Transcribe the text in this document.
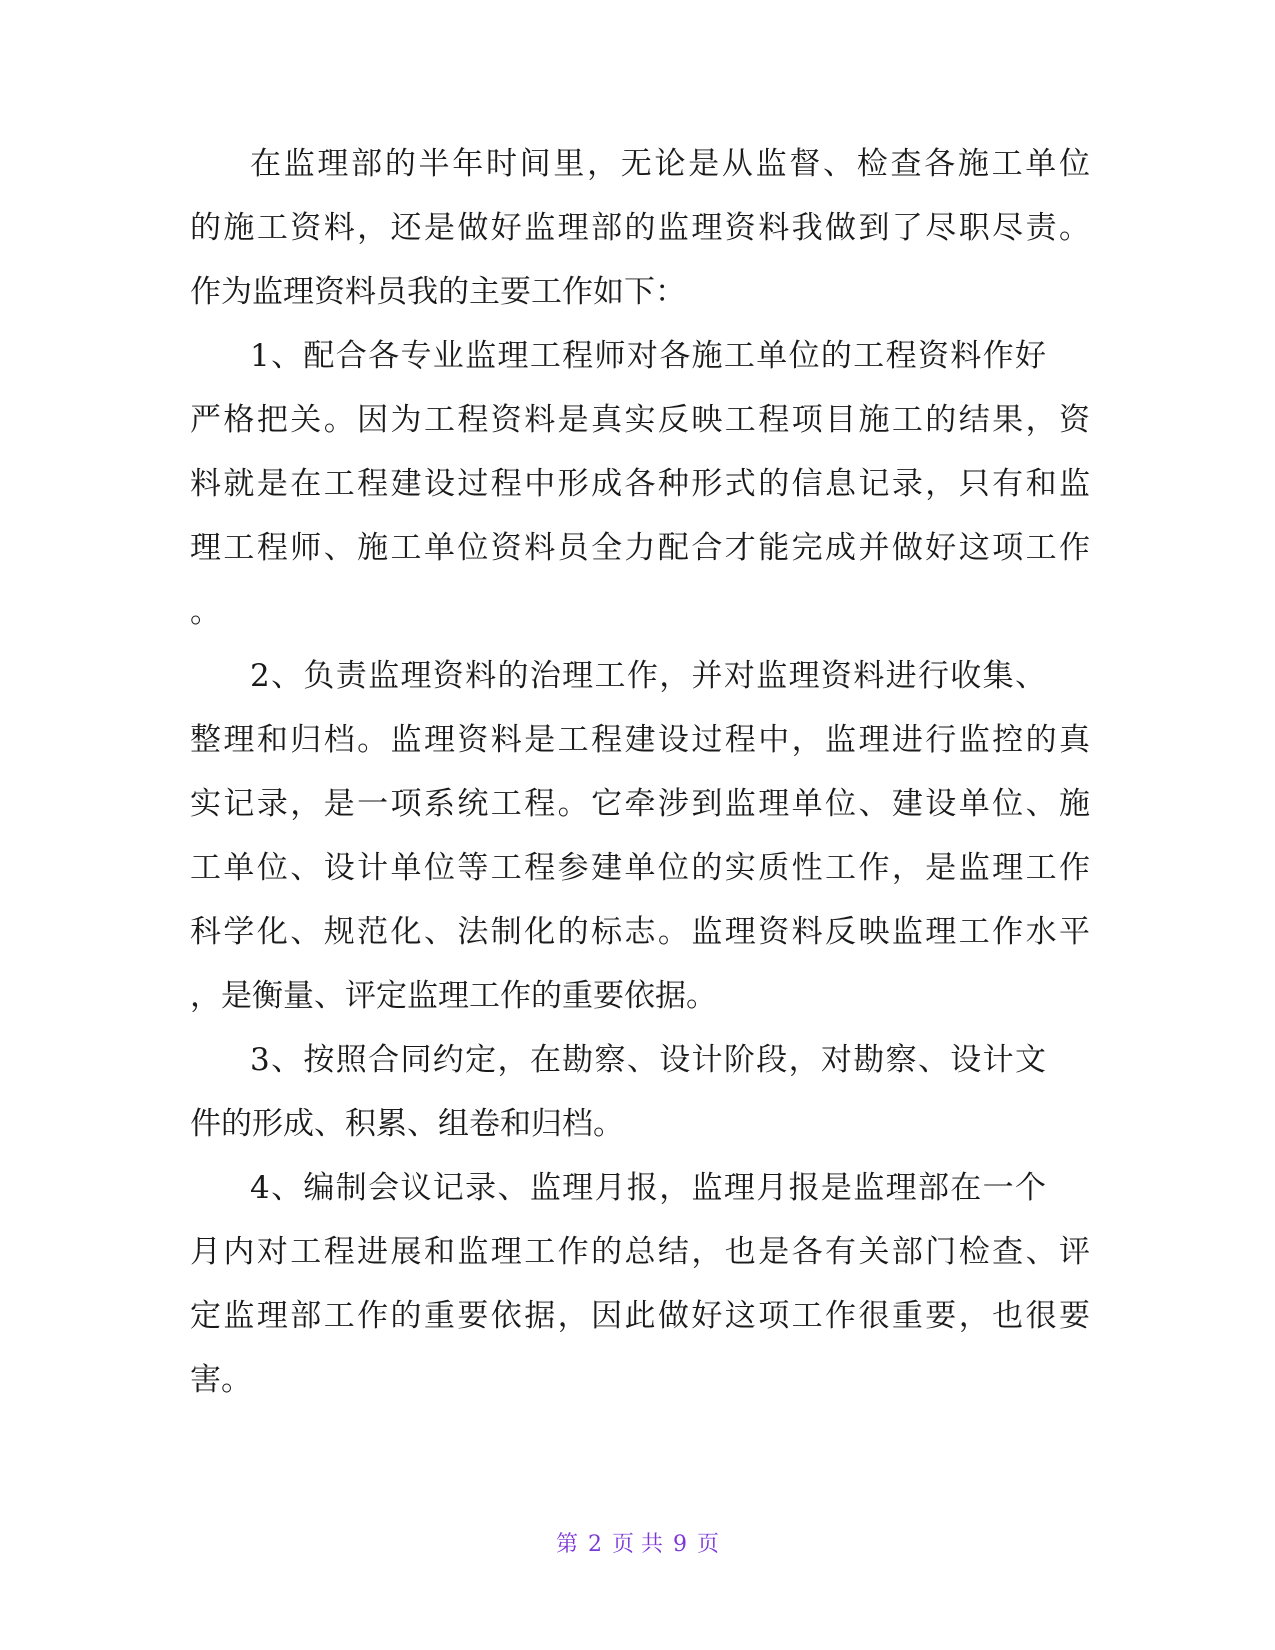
在监理部的半年时间里，无论是从监督、检查各施工单位
的施工资料，还是做好监理部的监理资料我做到了尽职尽责。
作为监理资料员我的主要工作如下：
1、配合各专业监理工程师对各施工单位的工程资料作好
严格把关。因为工程资料是真实反映工程项目施工的结果，资
料就是在工程建设过程中形成各种形式的信息记录，只有和监
理工程师、施工单位资料员全力配合才能完成并做好这项工作
。
2、负责监理资料的治理工作，并对监理资料进行收集、
整理和归档。监理资料是工程建设过程中，监理进行监控的真
实记录，是一项系统工程。它牵涉到监理单位、建设单位、施
工单位、设计单位等工程参建单位的实质性工作，是监理工作
科学化、规范化、法制化的标志。监理资料反映监理工作水平
，是衡量、评定监理工作的重要依据。
3、按照合同约定，在勘察、设计阶段，对勘察、设计文
件的形成、积累、组卷和归档。
4、编制会议记录、监理月报，监理月报是监理部在一个
月内对工程进展和监理工作的总结，也是各有关部门检查、评
定监理部工作的重要依据，因此做好这项工作很重要，也很要
害。
第 2 页 共 9 页
